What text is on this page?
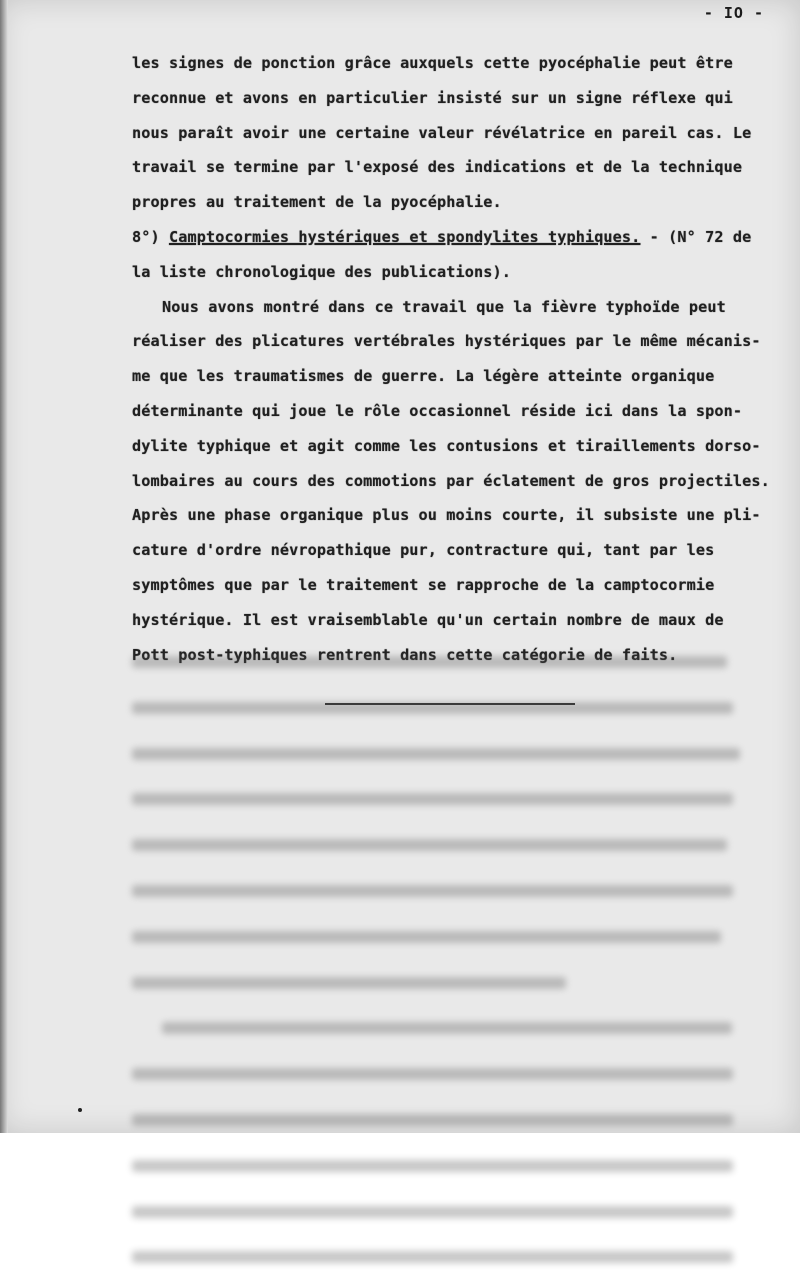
- IO -
les signes de ponction grâce auxquels cette pyocéphalie peut être
reconnue et avons en particulier insisté sur un signe réflexe qui
nous paraît avoir une certaine valeur révélatrice en pareil cas. Le
travail se termine par l'exposé des indications et de la technique
propres au traitement de la pyocéphalie.
8°) Camptocormies hystériques et spondylites typhiques. - (N° 72 de
la liste chronologique des publications).
Nous avons montré dans ce travail que la fièvre typhoïde peut
réaliser des plicatures vertébrales hystériques par le même mécanis-
me que les traumatismes de guerre. La légère atteinte organique
déterminante qui joue le rôle occasionnel réside ici dans la spon-
dylite typhique et agit comme les contusions et tiraillements dorso-
lombaires au cours des commotions par éclatement de gros projectiles.
Après une phase organique plus ou moins courte, il subsiste une pli-
cature d'ordre névropathique pur, contracture qui, tant par les
symptômes que par le traitement se rapproche de la camptocormie
hystérique. Il est vraisemblable qu'un certain nombre de maux de
Pott post-typhiques rentrent dans cette catégorie de faits.
